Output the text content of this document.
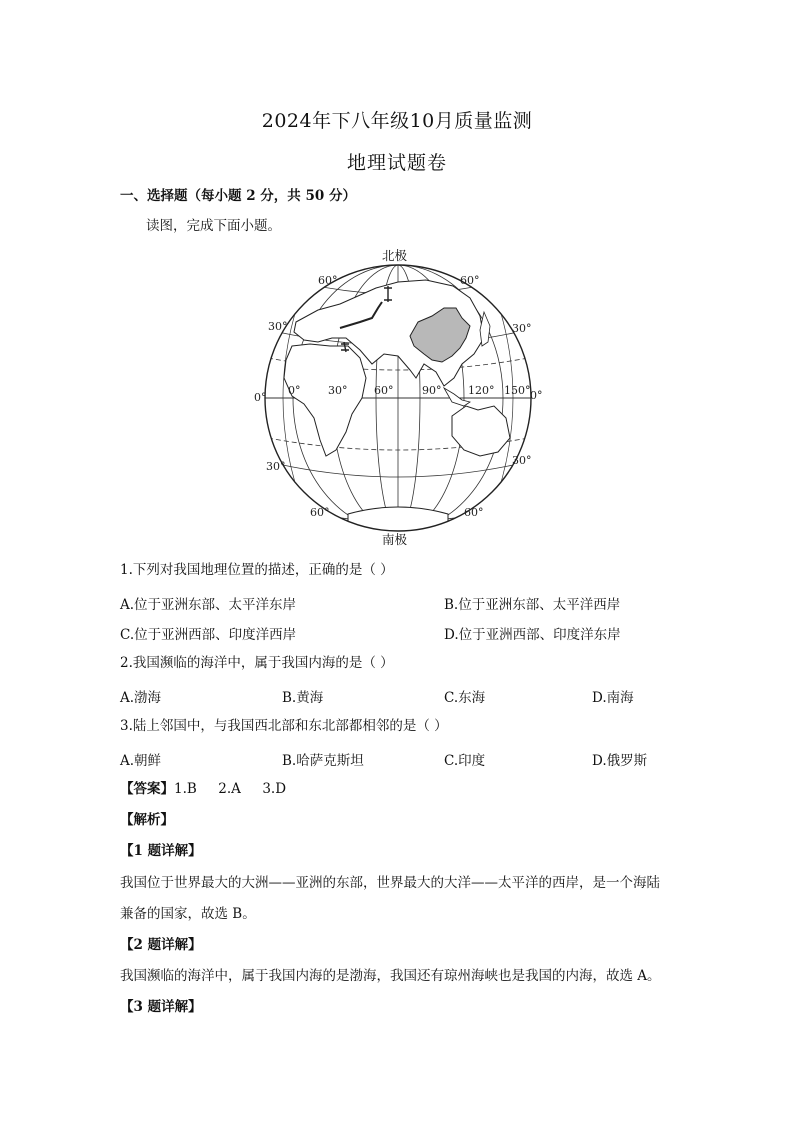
2024年下八年级10月质量监测
地理试题卷
一、选择题（每小题 2 分，共 50 分）
读图，完成下面小题。
北极
南极
60°	60°
30°	30°
0°	0°
30°	30°
60°	60°
0°	30° 60°	90° 120° 150°
1.下列对我国地理位置的描述，正确的是（ ）
A.位于亚洲东部、太平洋东岸	B.位于亚洲东部、太平洋西岸
C.位于亚洲西部、印度洋西岸	D.位于亚洲西部、印度洋东岸
2.我国濒临的海洋中，属于我国内海的是（ ）
A.渤海	B.黄海	C.东海	D.南海
3.陆上邻国中，与我国西北部和东北部都相邻的是（ ）
A.朝鲜	B.哈萨克斯坦	C.印度	D.俄罗斯
【答案】1.B     2.A     3.D
【解析】
【1 题详解】
我国位于世界最大的大洲——亚洲的东部，世界最大的大洋——太平洋的西岸，是一个海陆
兼备的国家，故选 B。
【2 题详解】
我国濒临的海洋中，属于我国内海的是渤海，我国还有琼州海峡也是我国的内海，故选 A。
【3 题详解】
